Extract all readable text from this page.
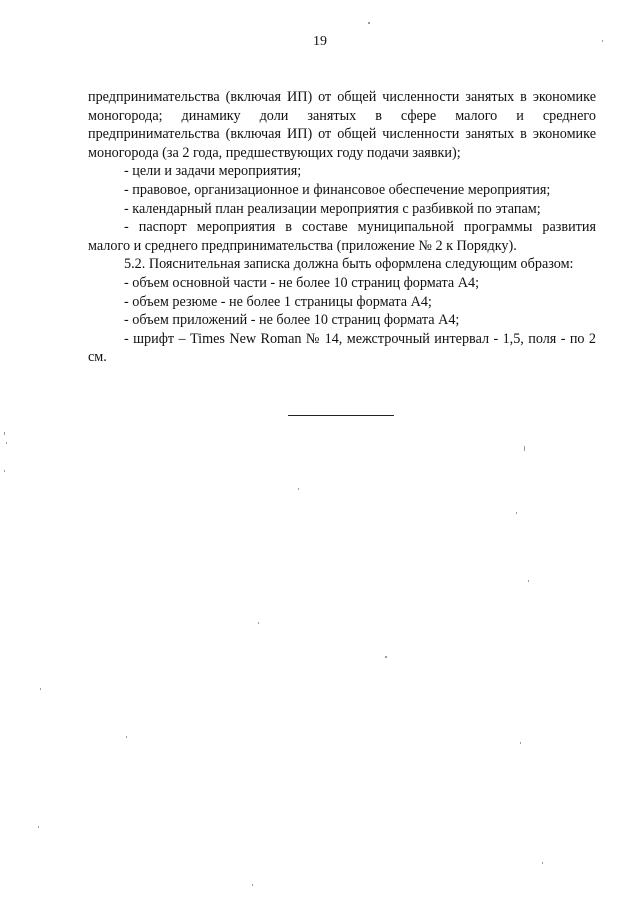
19

предпринимательства (включая ИП) от общей численности занятых в экономике моногорода; динамику доли занятых в сфере малого и среднего предпринимательства (включая ИП) от общей численности занятых в экономике моногорода (за 2 года, предшествующих году подачи заявки);

- цели и задачи мероприятия;

- правовое, организационное и финансовое обеспечение мероприятия;

- календарный план реализации мероприятия с разбивкой по этапам;

- паспорт мероприятия в составе муниципальной программы развития малого и среднего предпринимательства (приложение № 2 к Порядку).

5.2. Пояснительная записка должна быть оформлена следующим образом:

- объем основной части - не более 10 страниц формата А4;

- объем резюме - не более 1 страницы формата А4;

- объем приложений - не более 10 страниц формата А4;

- шрифт – Times New Roman № 14, межстрочный интервал - 1,5, поля - по 2 см.
